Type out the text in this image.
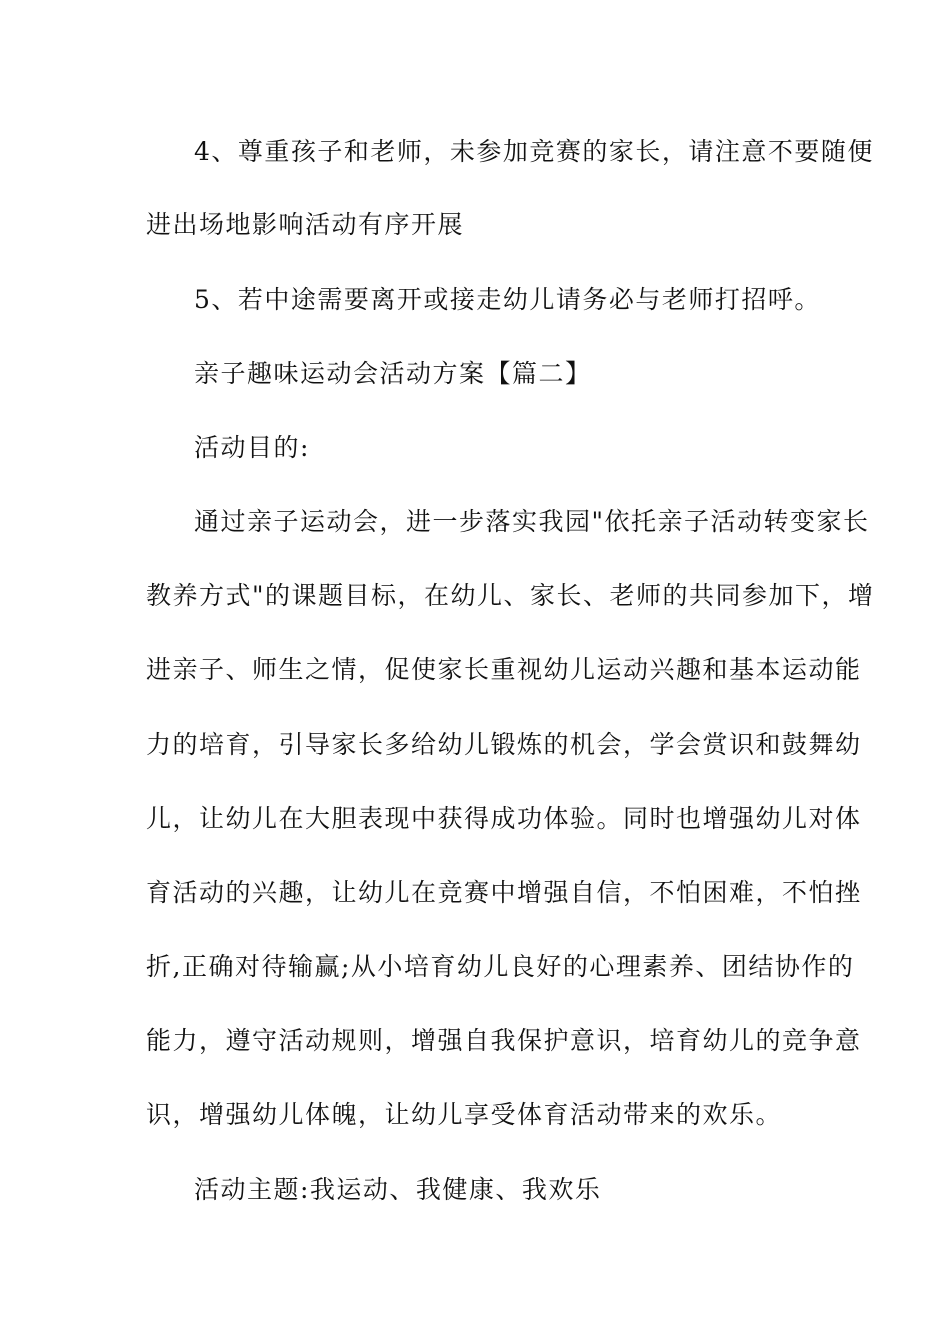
4、尊重孩子和老师，未参加竞赛的家长，请注意不要随便
进出场地影响活动有序开展
5、若中途需要离开或接走幼儿请务必与老师打招呼。
亲子趣味运动会活动方案【篇二】
活动目的:
通过亲子运动会，进一步落实我园"依托亲子活动转变家长
教养方式"的课题目标，在幼儿、家长、老师的共同参加下，增
进亲子、师生之情，促使家长重视幼儿运动兴趣和基本运动能
力的培育，引导家长多给幼儿锻炼的机会，学会赏识和鼓舞幼
儿，让幼儿在大胆表现中获得成功体验。同时也增强幼儿对体
育活动的兴趣，让幼儿在竞赛中增强自信，不怕困难，不怕挫
折,正确对待输赢;从小培育幼儿良好的心理素养、团结协作的
能力，遵守活动规则，增强自我保护意识，培育幼儿的竞争意
识，增强幼儿体魄，让幼儿享受体育活动带来的欢乐。
活动主题:我运动、我健康、我欢乐
